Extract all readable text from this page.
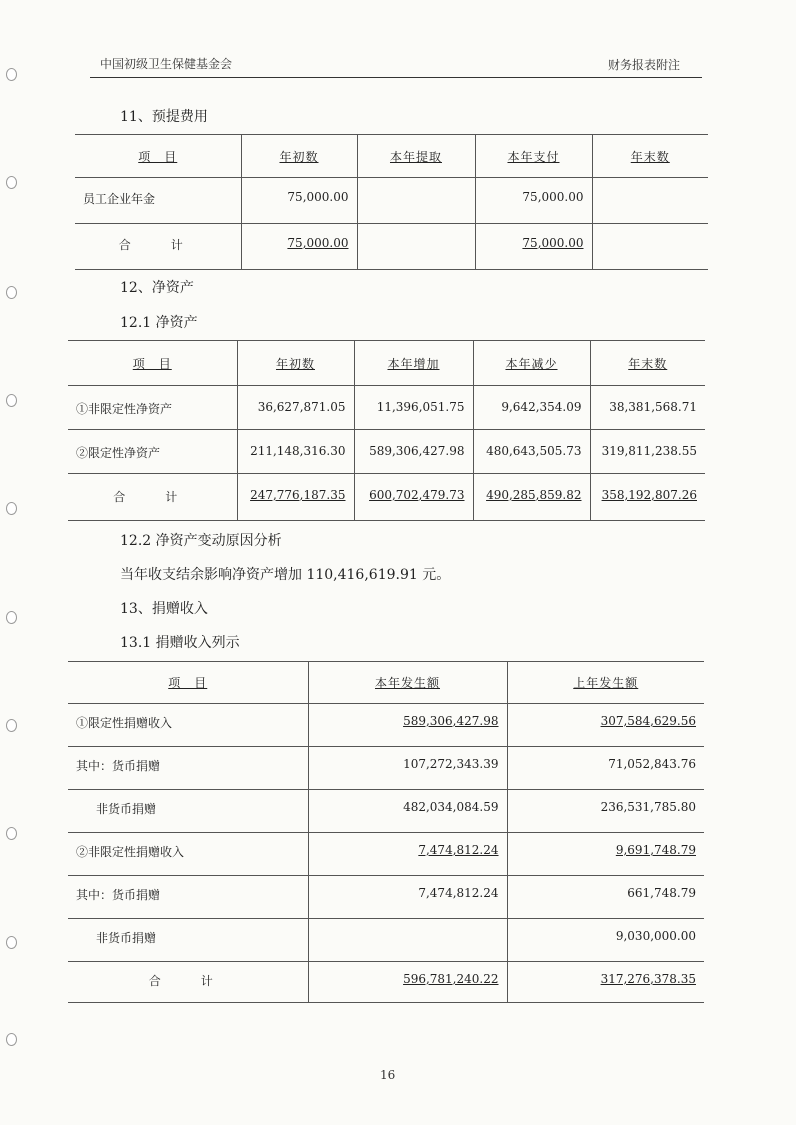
中国初级卫生保健基金会	财务报表附注
11、预提费用
项　目	年初数	本年提取	本年支付	年末数
员工企业年金	75,000.00		75,000.00	
合　计	75,000.00		75,000.00	
12、净资产
12.1 净资产
项　目	年初数	本年增加	本年减少	年末数
①非限定性净资产	36,627,871.05	11,396,051.75	9,642,354.09	38,381,568.71
②限定性净资产	211,148,316.30	589,306,427.98	480,643,505.73	319,811,238.55
合　计	247,776,187.35	600,702,479.73	490,285,859.82	358,192,807.26
12.2 净资产变动原因分析
当年收支结余影响净资产增加 110,416,619.91 元。
13、捐赠收入
13.1 捐赠收入列示
项　目	本年发生额	上年发生额
①限定性捐赠收入	589,306,427.98	307,584,629.56
其中：货币捐赠	107,272,343.39	71,052,843.76
非货币捐赠	482,034,084.59	236,531,785.80
②非限定性捐赠收入	7,474,812.24	9,691,748.79
其中：货币捐赠	7,474,812.24	661,748.79
非货币捐赠		9,030,000.00
合　计	596,781,240.22	317,276,378.35
16
